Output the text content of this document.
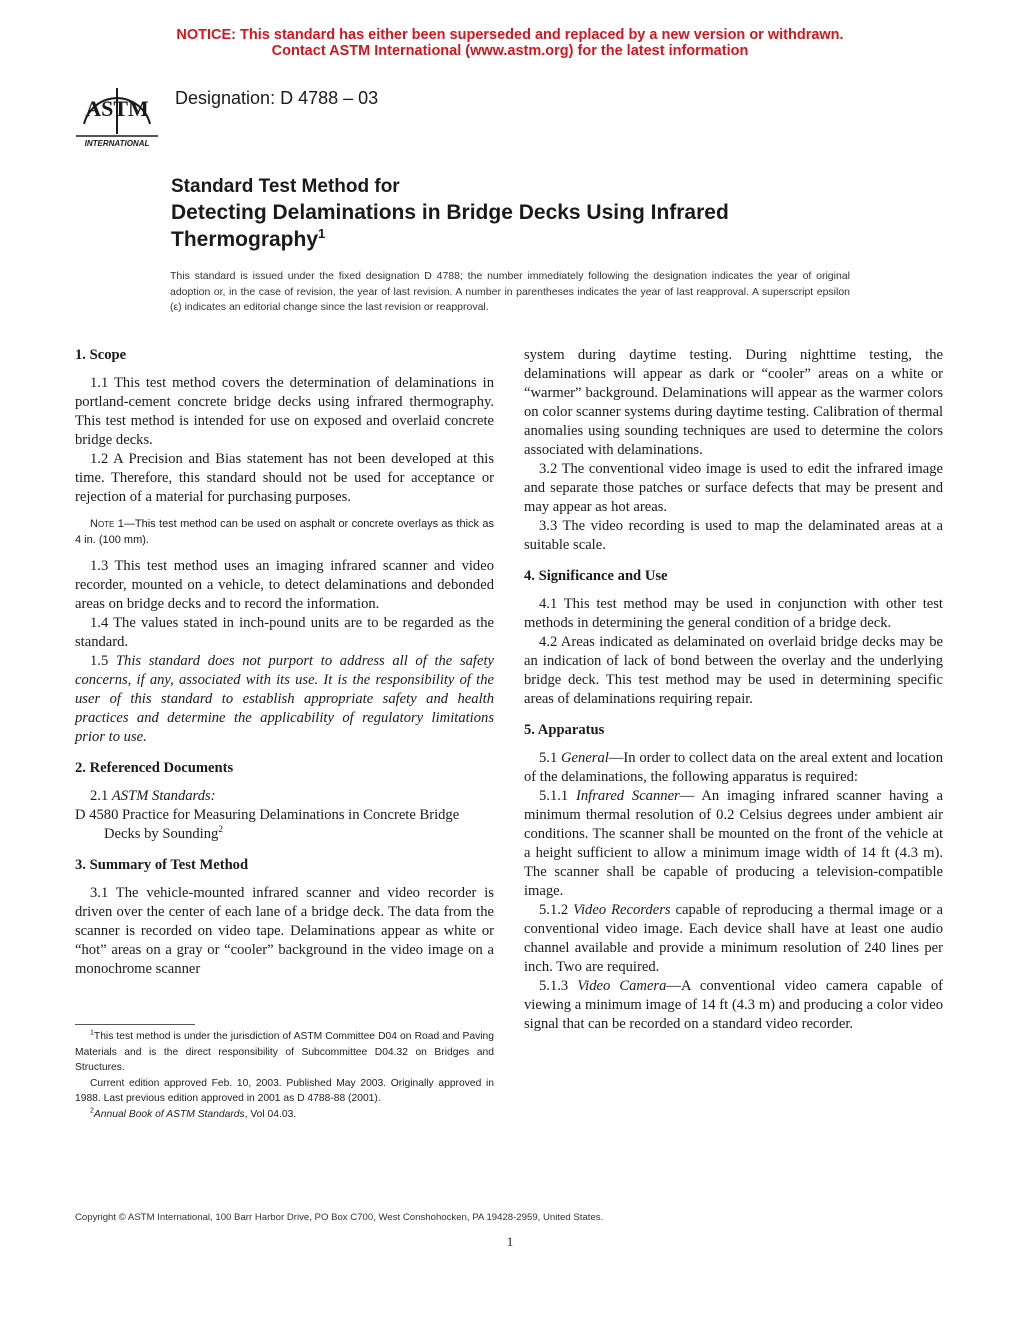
NOTICE: This standard has either been superseded and replaced by a new version or withdrawn.
Contact ASTM International (www.astm.org) for the latest information
ASTM
INTERNATIONAL
Designation: D 4788 – 03
Standard Test Method for
Detecting Delaminations in Bridge Decks Using Infrared Thermography$^1$
This standard is issued under the fixed designation D 4788; the number immediately following the designation indicates the year of original adoption or, in the case of revision, the year of last revision. A number in parentheses indicates the year of last reapproval. A superscript epsilon (ε) indicates an editorial change since the last revision or reapproval.
1. Scope

1.1 This test method covers the determination of delaminations in portland-cement concrete bridge decks using infrared thermography. This test method is intended for use on exposed and overlaid concrete bridge decks.

1.2 A Precision and Bias statement has not been developed at this time. Therefore, this standard should not be used for acceptance or rejection of a material for purchasing purposes.

Note 1—This test method can be used on asphalt or concrete overlays as thick as 4 in. (100 mm).

1.3 This test method uses an imaging infrared scanner and video recorder, mounted on a vehicle, to detect delaminations and debonded areas on bridge decks and to record the information.

1.4 The values stated in inch-pound units are to be regarded as the standard.

1.5 This standard does not purport to address all of the safety concerns, if any, associated with its use. It is the responsibility of the user of this standard to establish appropriate safety and health practices and determine the applicability of regulatory limitations prior to use.

2. Referenced Documents

2.1 ASTM Standards:

D 4580 Practice for Measuring Delaminations in Concrete Bridge Decks by Sounding$^2$

3. Summary of Test Method

3.1 The vehicle-mounted infrared scanner and video recorder is driven over the center of each lane of a bridge deck. The data from the scanner is recorded on video tape. Delaminations appear as white or “hot” areas on a gray or “cooler” background in the video image on a monochrome scanner

$^1$This test method is under the jurisdiction of ASTM Committee D04 on Road and Paving Materials and is the direct responsibility of Subcommittee D04.32 on Bridges and Structures.

Current edition approved Feb. 10, 2003. Published May 2003. Originally approved in 1988. Last previous edition approved in 2001 as D 4788-88 (2001).

$^2$Annual Book of ASTM Standards, Vol 04.03.

system during daytime testing. During nighttime testing, the delaminations will appear as dark or “cooler” areas on a white or “warmer” background. Delaminations will appear as the warmer colors on color scanner systems during daytime testing. Calibration of thermal anomalies using sounding techniques are used to determine the colors associated with delaminations.

3.2 The conventional video image is used to edit the infrared image and separate those patches or surface defects that may be present and may appear as hot areas.

3.3 The video recording is used to map the delaminated areas at a suitable scale.

4. Significance and Use

4.1 This test method may be used in conjunction with other test methods in determining the general condition of a bridge deck.

4.2 Areas indicated as delaminated on overlaid bridge decks may be an indication of lack of bond between the overlay and the underlying bridge deck. This test method may be used in determining specific areas of delaminations requiring repair.

5. Apparatus

5.1 General—In order to collect data on the areal extent and location of the delaminations, the following apparatus is required:

5.1.1 Infrared Scanner— An imaging infrared scanner having a minimum thermal resolution of 0.2 Celsius degrees under ambient air conditions. The scanner shall be mounted on the front of the vehicle at a height sufficient to allow a minimum image width of 14 ft (4.3 m). The scanner shall be capable of producing a television-compatible image.

5.1.2 Video Recorders capable of reproducing a thermal image or a conventional video image. Each device shall have at least one audio channel available and provide a minimum resolution of 240 lines per inch. Two are required.

5.1.3 Video Camera—A conventional video camera capable of viewing a minimum image of 14 ft (4.3 m) and producing a color video signal that can be recorded on a standard video recorder.

Copyright © ASTM International, 100 Barr Harbor Drive, PO Box C700, West Conshohocken, PA 19428-2959, United States.
1
